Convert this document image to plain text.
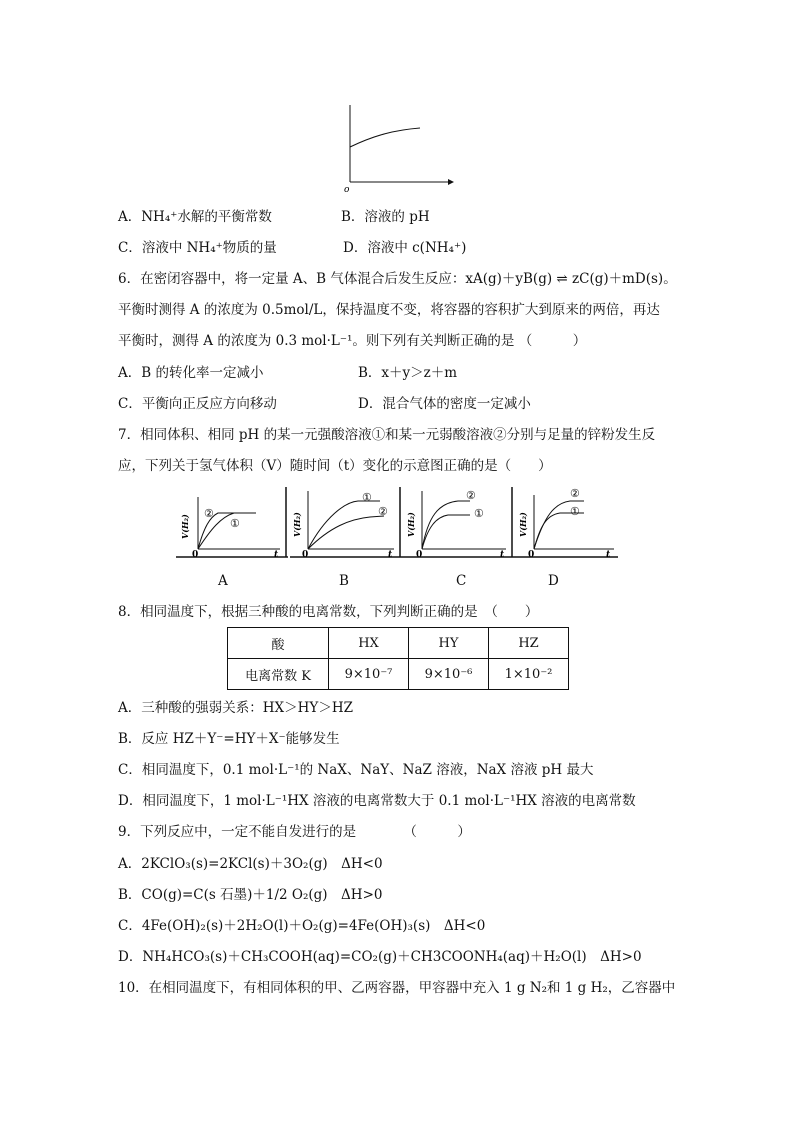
o
A．NH₄⁺水解的平衡常数	B．溶液的 pH
C．溶液中 NH₄⁺物质的量	D．溶液中 c(NH₄⁺)
6．在密闭容器中，将一定量 A、B 气体混合后发生反应：xA(g)＋yB(g) ⇌ zC(g)＋mD(s)。
平衡时测得 A 的浓度为 0.5mol/L，保持温度不变，将容器的容积扩大到原来的两倍，再达
平衡时，测得 A 的浓度为 0.3 mol·L⁻¹。则下列有关判断正确的是 （　　　）
A．B 的转化率一定减小	B．x＋y＞z＋m
C．平衡向正反应方向移动	D．混合气体的密度一定减小
7．相同体积、相同 pH 的某一元强酸溶液①和某一元弱酸溶液②分别与足量的锌粉发生反
应，下列关于氢气体积（V）随时间（t）变化的示意图正确的是（　　）
②
①
V(H₂)
0	t
①
②
V(H₂)
0	t
②
①
V(H₂)
0	t
②
①
V(H₂)
0	t
A	B	C	D
8．相同温度下，根据三种酸的电离常数，下列判断正确的是　（　　）
酸	HX	HY	HZ
电离常数 K	9×10⁻⁷	9×10⁻⁶	1×10⁻²
A．三种酸的强弱关系：HX＞HY＞HZ
B．反应 HZ＋Y⁻=HY＋X⁻能够发生
C．相同温度下，0.1 mol·L⁻¹的 NaX、NaY、NaZ 溶液，NaX 溶液 pH 最大
D．相同温度下，1 mol·L⁻¹HX 溶液的电离常数大于 0.1 mol·L⁻¹HX 溶液的电离常数
9．下列反应中，一定不能自发进行的是　　　　（　　　）
A．2KClO₃(s)=2KCl(s)＋3O₂(g)　ΔH<0
B．CO(g)=C(s 石墨)＋1/2 O₂(g)　ΔH>0
C．4Fe(OH)₂(s)＋2H₂O(l)＋O₂(g)=4Fe(OH)₃(s)　ΔH<0
D．NH₄HCO₃(s)＋CH₃COOH(aq)=CO₂(g)＋CH3COONH₄(aq)＋H₂O(l)　ΔH>0
10．在相同温度下，有相同体积的甲、乙两容器，甲容器中充入 1 g N₂和 1 g H₂，乙容器中
